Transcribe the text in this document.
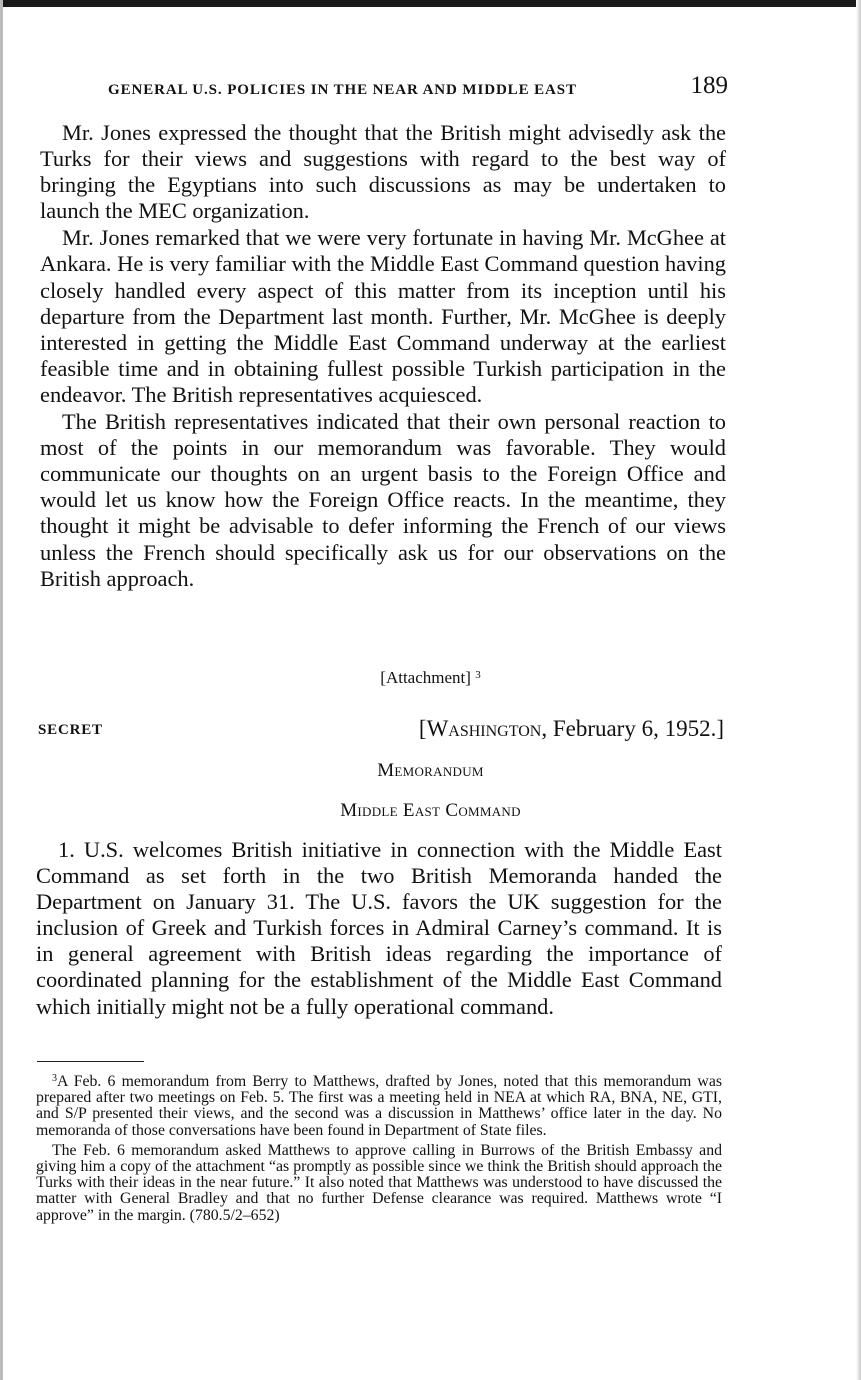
GENERAL U.S. POLICIES IN THE NEAR AND MIDDLE EAST	189

Mr. Jones expressed the thought that the British might advisedly ask the Turks for their views and suggestions with regard to the best way of bringing the Egyptians into such discussions as may be undertaken to launch the MEC organization.

Mr. Jones remarked that we were very fortunate in having Mr. McGhee at Ankara. He is very familiar with the Middle East Command question having closely handled every aspect of this matter from its inception until his departure from the Department last month. Further, Mr. McGhee is deeply interested in getting the Middle East Command underway at the earliest feasible time and in obtaining fullest possible Turkish participation in the endeavor. The British representatives acquiesced.

The British representatives indicated that their own personal reaction to most of the points in our memorandum was favorable. They would communicate our thoughts on an urgent basis to the Foreign Office and would let us know how the Foreign Office reacts. In the meantime, they thought it might be advisable to defer informing the French of our views unless the French should specifically ask us for our observations on the British approach.

[Attachment] $^3$
SECRET	[Washington, February 6, 1952.]
Memorandum
Middle East Command

1. U.S. welcomes British initiative in connection with the Middle East Command as set forth in the two British Memoranda handed the Department on January 31. The U.S. favors the UK suggestion for the inclusion of Greek and Turkish forces in Admiral Carney’s command. It is in general agreement with British ideas regarding the importance of coordinated planning for the establishment of the Middle East Command which initially might not be a fully operational command.

$^3$A Feb. 6 memorandum from Berry to Matthews, drafted by Jones, noted that this memorandum was prepared after two meetings on Feb. 5. The first was a meeting held in NEA at which RA, BNA, NE, GTI, and S/P presented their views, and the second was a discussion in Matthews’ office later in the day. No memoranda of those conversations have been found in Department of State files.

The Feb. 6 memorandum asked Matthews to approve calling in Burrows of the British Embassy and giving him a copy of the attachment “as promptly as possible since we think the British should approach the Turks with their ideas in the near future.” It also noted that Matthews was understood to have discussed the matter with General Bradley and that no further Defense clearance was required. Matthews wrote “I approve” in the margin. (780.5/2–652)
